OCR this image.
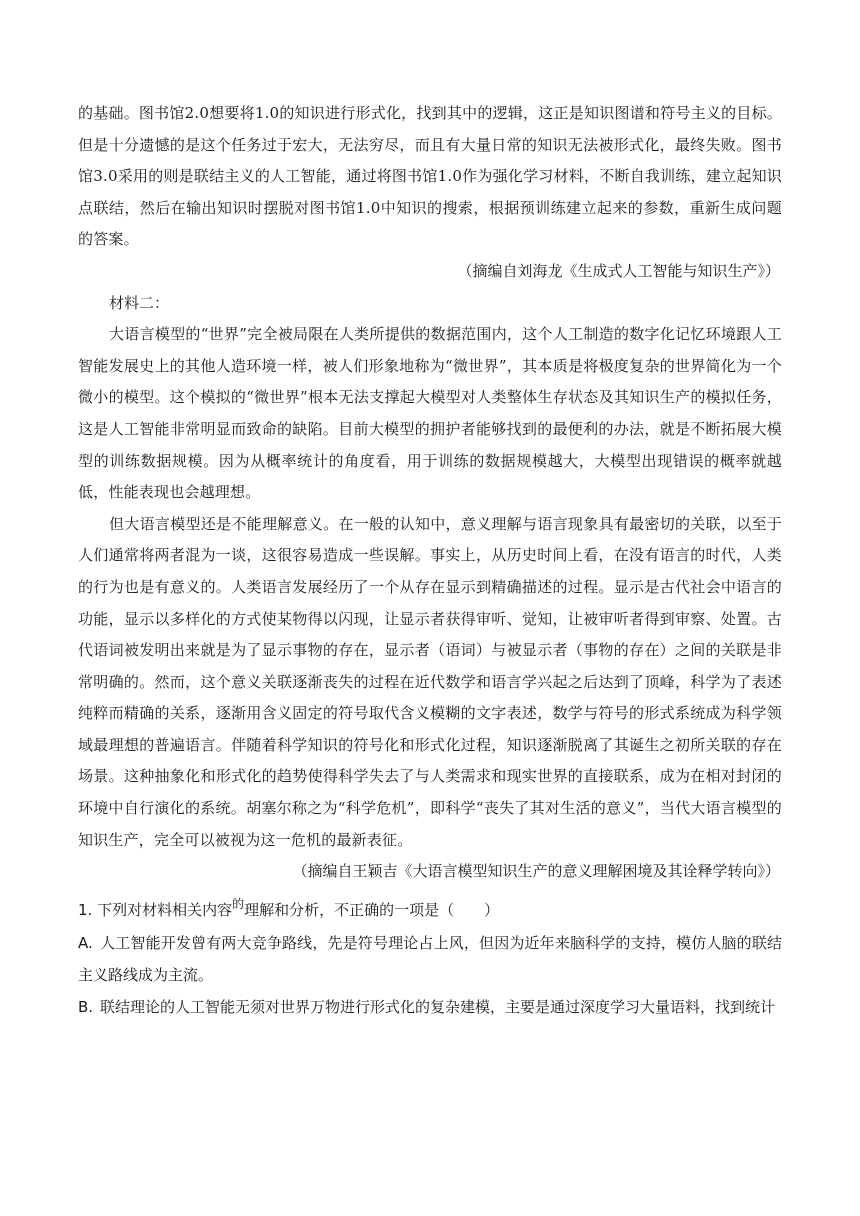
的基础。图书馆2.0想要将1.0的知识进行形式化，找到其中的逻辑，这正是知识图谱和符号主义的目标。但是十分遗憾的是这个任务过于宏大，无法穷尽，而且有大量日常的知识无法被形式化，最终失败。图书馆3.0采用的则是联结主义的人工智能，通过将图书馆1.0作为强化学习材料，不断自我训练，建立起知识点联结，然后在输出知识时摆脱对图书馆1.0中知识的搜索，根据预训练建立起来的参数，重新生成问题的答案。

（摘编自刘海龙《生成式人工智能与知识生产》）

材料二：

大语言模型的“世界”完全被局限在人类所提供的数据范围内，这个人工制造的数字化记忆环境跟人工智能发展史上的其他人造环境一样，被人们形象地称为“微世界”，其本质是将极度复杂的世界简化为一个微小的模型。这个模拟的“微世界”根本无法支撑起大模型对人类整体生存状态及其知识生产的模拟任务，这是人工智能非常明显而致命的缺陷。目前大模型的拥护者能够找到的最便利的办法，就是不断拓展大模型的训练数据规模。因为从概率统计的角度看，用于训练的数据规模越大，大模型出现错误的概率就越低，性能表现也会越理想。

但大语言模型还是不能理解意义。在一般的认知中，意义理解与语言现象具有最密切的关联，以至于人们通常将两者混为一谈，这很容易造成一些误解。事实上，从历史时间上看，在没有语言的时代，人类的行为也是有意义的。人类语言发展经历了一个从存在显示到精确描述的过程。显示是古代社会中语言的功能，显示以多样化的方式使某物得以闪现，让显示者获得审听、觉知，让被审听者得到审察、处置。古代语词被发明出来就是为了显示事物的存在，显示者（语词）与被显示者（事物的存在）之间的关联是非常明确的。然而，这个意义关联逐渐丧失的过程在近代数学和语言学兴起之后达到了顶峰，科学为了表述纯粹而精确的关系，逐渐用含义固定的符号取代含义模糊的文字表述，数学与符号的形式系统成为科学领域最理想的普遍语言。伴随着科学知识的符号化和形式化过程，知识逐渐脱离了其诞生之初所关联的存在场景。这种抽象化和形式化的趋势使得科学失去了与人类需求和现实世界的直接联系，成为在相对封闭的环境中自行演化的系统。胡塞尔称之为“科学危机”，即科学“丧失了其对生活的意义”，当代大语言模型的知识生产，完全可以被视为这一危机的最新表征。

（摘编自王颖吉《大语言模型知识生产的意义理解困境及其诠释学转向》）

1. 下列对材料相关内容$^的$理解和分析，不正确的一项是（　　）

A. 人工智能开发曾有两大竞争路线，先是符号理论占上风，但因为近年来脑科学的支持，模仿人脑的联结主义路线成为主流。

B. 联结理论的人工智能无须对世界万物进行形式化的复杂建模，主要是通过深度学习大量语料，找到统计
